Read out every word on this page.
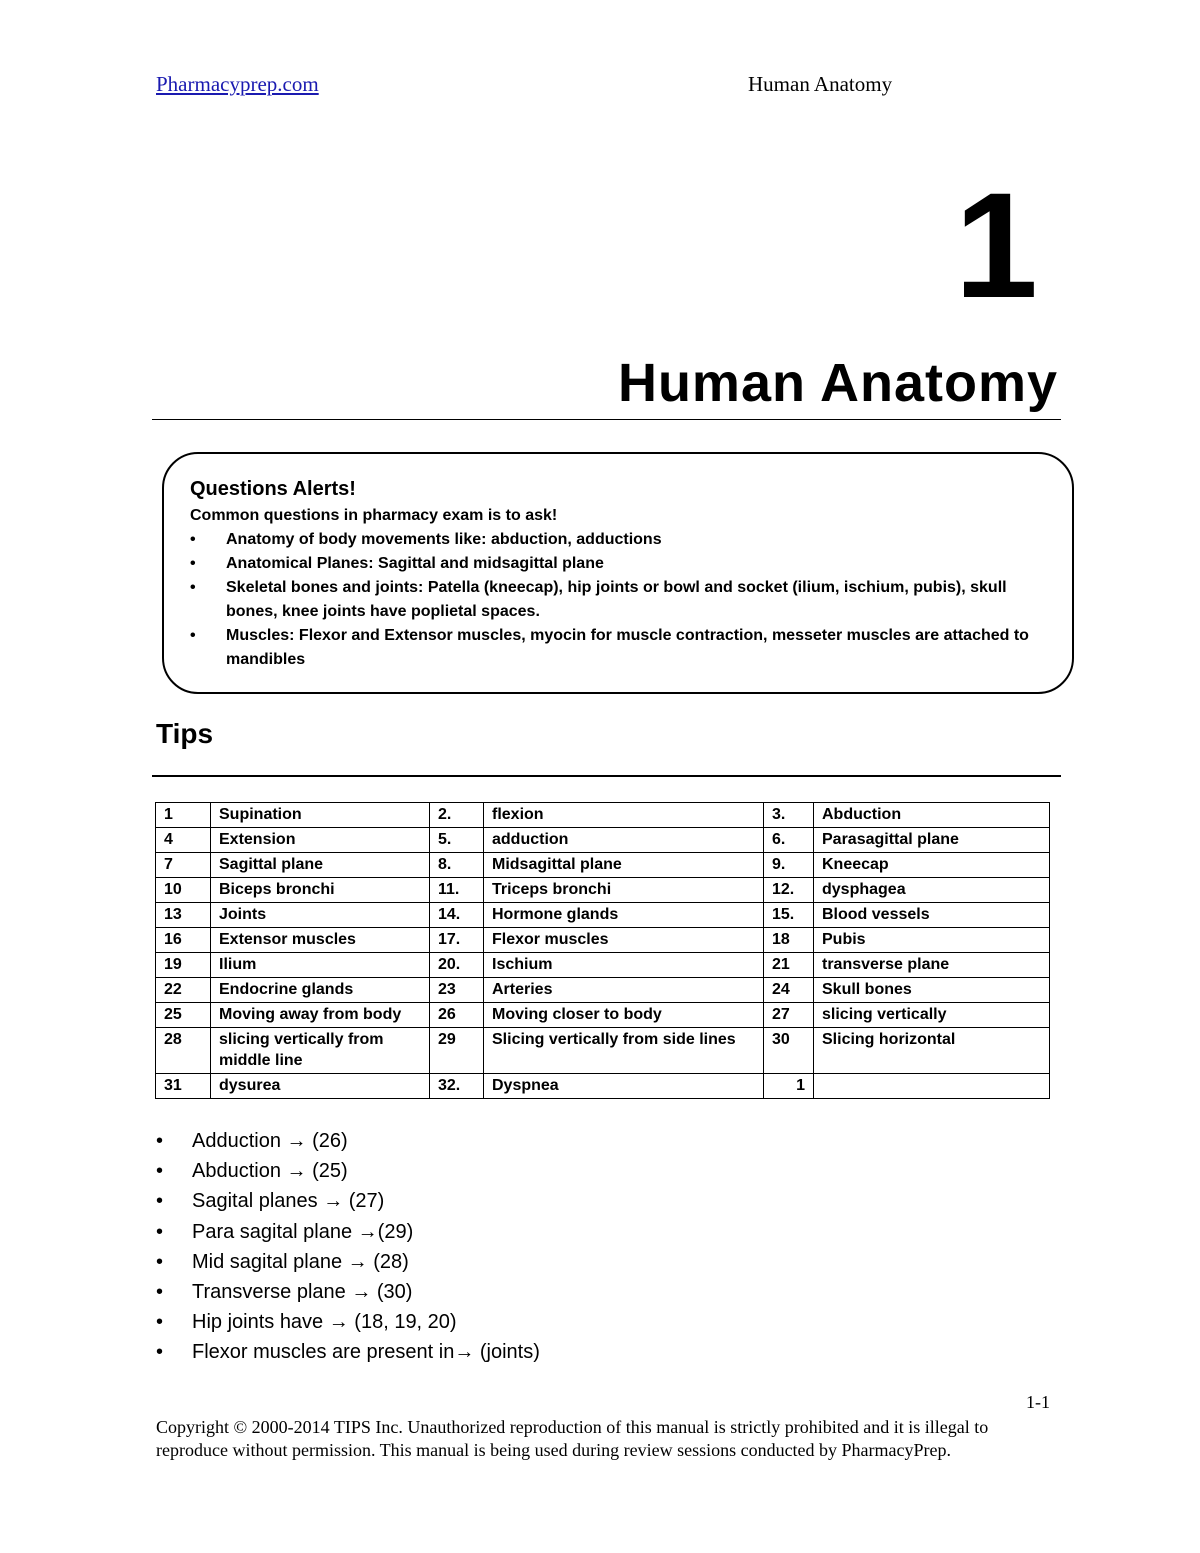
Pharmacyprep.com	Human Anatomy
1
Human Anatomy
Questions Alerts!
Common questions in pharmacy exam is to ask!
• Anatomy of body movements like: abduction, adductions
• Anatomical Planes: Sagittal and midsagittal plane
• Skeletal bones and joints: Patella (kneecap), hip joints or bowl and socket (ilium, ischium, pubis), skull bones, knee joints have poplietal spaces.
• Muscles: Flexor and Extensor muscles, myocin for muscle contraction, messeter muscles are attached to mandibles
Tips
1	Supination	2.	flexion	3.	Abduction
4	Extension	5.	adduction	6.	Parasagittal plane
7	Sagittal plane	8.	Midsagittal plane	9.	Kneecap
10	Biceps bronchi	11.	Triceps bronchi	12.	dysphagea
13	Joints	14.	Hormone glands	15.	Blood vessels
16	Extensor muscles	17.	Flexor muscles	18	Pubis
19	Ilium	20.	Ischium	21	transverse plane
22	Endocrine glands	23	Arteries	24	Skull bones
25	Moving away from body	26	Moving closer to body	27	slicing vertically
28	slicing vertically from middle line	29	Slicing vertically from side lines	30	Slicing horizontal
31	dysurea	32.	Dyspnea	1	
• Adduction → (26)
• Abduction → (25)
• Sagital planes → (27)
• Para sagital plane →(29)
• Mid sagital plane → (28)
• Transverse plane → (30)
• Hip joints have → (18, 19, 20)
• Flexor muscles are present in→ (joints)
1-1
Copyright © 2000-2014 TIPS Inc. Unauthorized reproduction of this manual is strictly prohibited and it is illegal to reproduce without permission. This manual is being used during review sessions conducted by PharmacyPrep.
